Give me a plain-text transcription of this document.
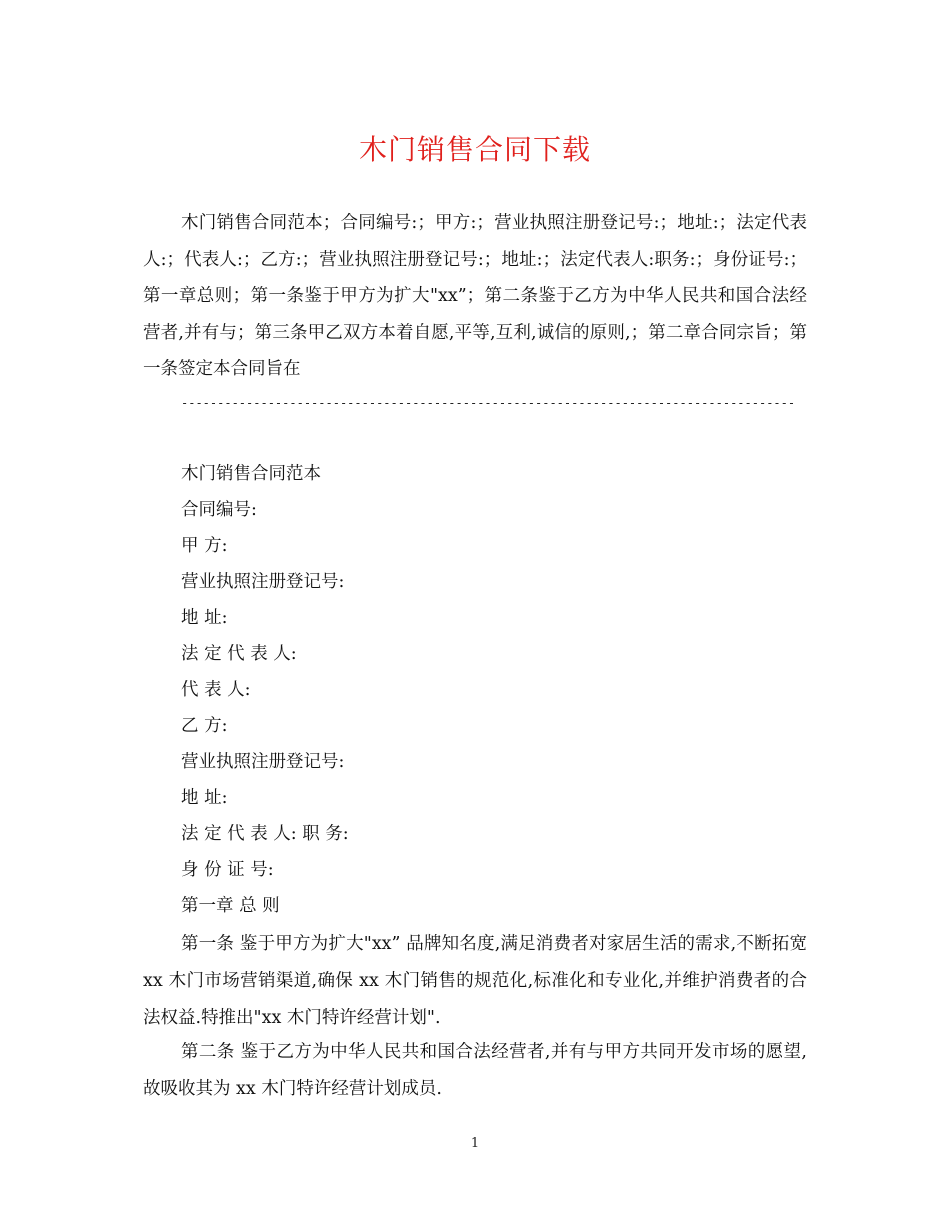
木门销售合同下载

木门销售合同范本；合同编号:；甲方:；营业执照注册登记号:；地址:；法定代表人:；代表人:；乙方:；营业执照注册登记号:；地址:；法定代表人:职务:；身份证号:；第一章总则；第一条鉴于甲方为扩大"xx”；第二条鉴于乙方为中华人民共和国合法经营者,并有与；第三条甲乙双方本着自愿,平等,互利,诚信的原则,；第二章合同宗旨；第一条签定本合同旨在

-------------------------------------------------------------------------------------

木门销售合同范本
合同编号:
甲 方:
营业执照注册登记号:
地 址:
法 定 代 表 人:
代 表 人:
乙 方:
营业执照注册登记号:
地 址:
法 定 代 表 人: 职 务:
身 份 证 号:
第一章 总 则

第一条 鉴于甲方为扩大"xx” 品牌知名度,满足消费者对家居生活的需求,不断拓宽 xx 木门市场营销渠道,确保 xx 木门销售的规范化,标准化和专业化,并维护消费者的合法权益.特推出"xx 木门特许经营计划".

第二条 鉴于乙方为中华人民共和国合法经营者,并有与甲方共同开发市场的愿望,故吸收其为 xx 木门特许经营计划成员.

1
